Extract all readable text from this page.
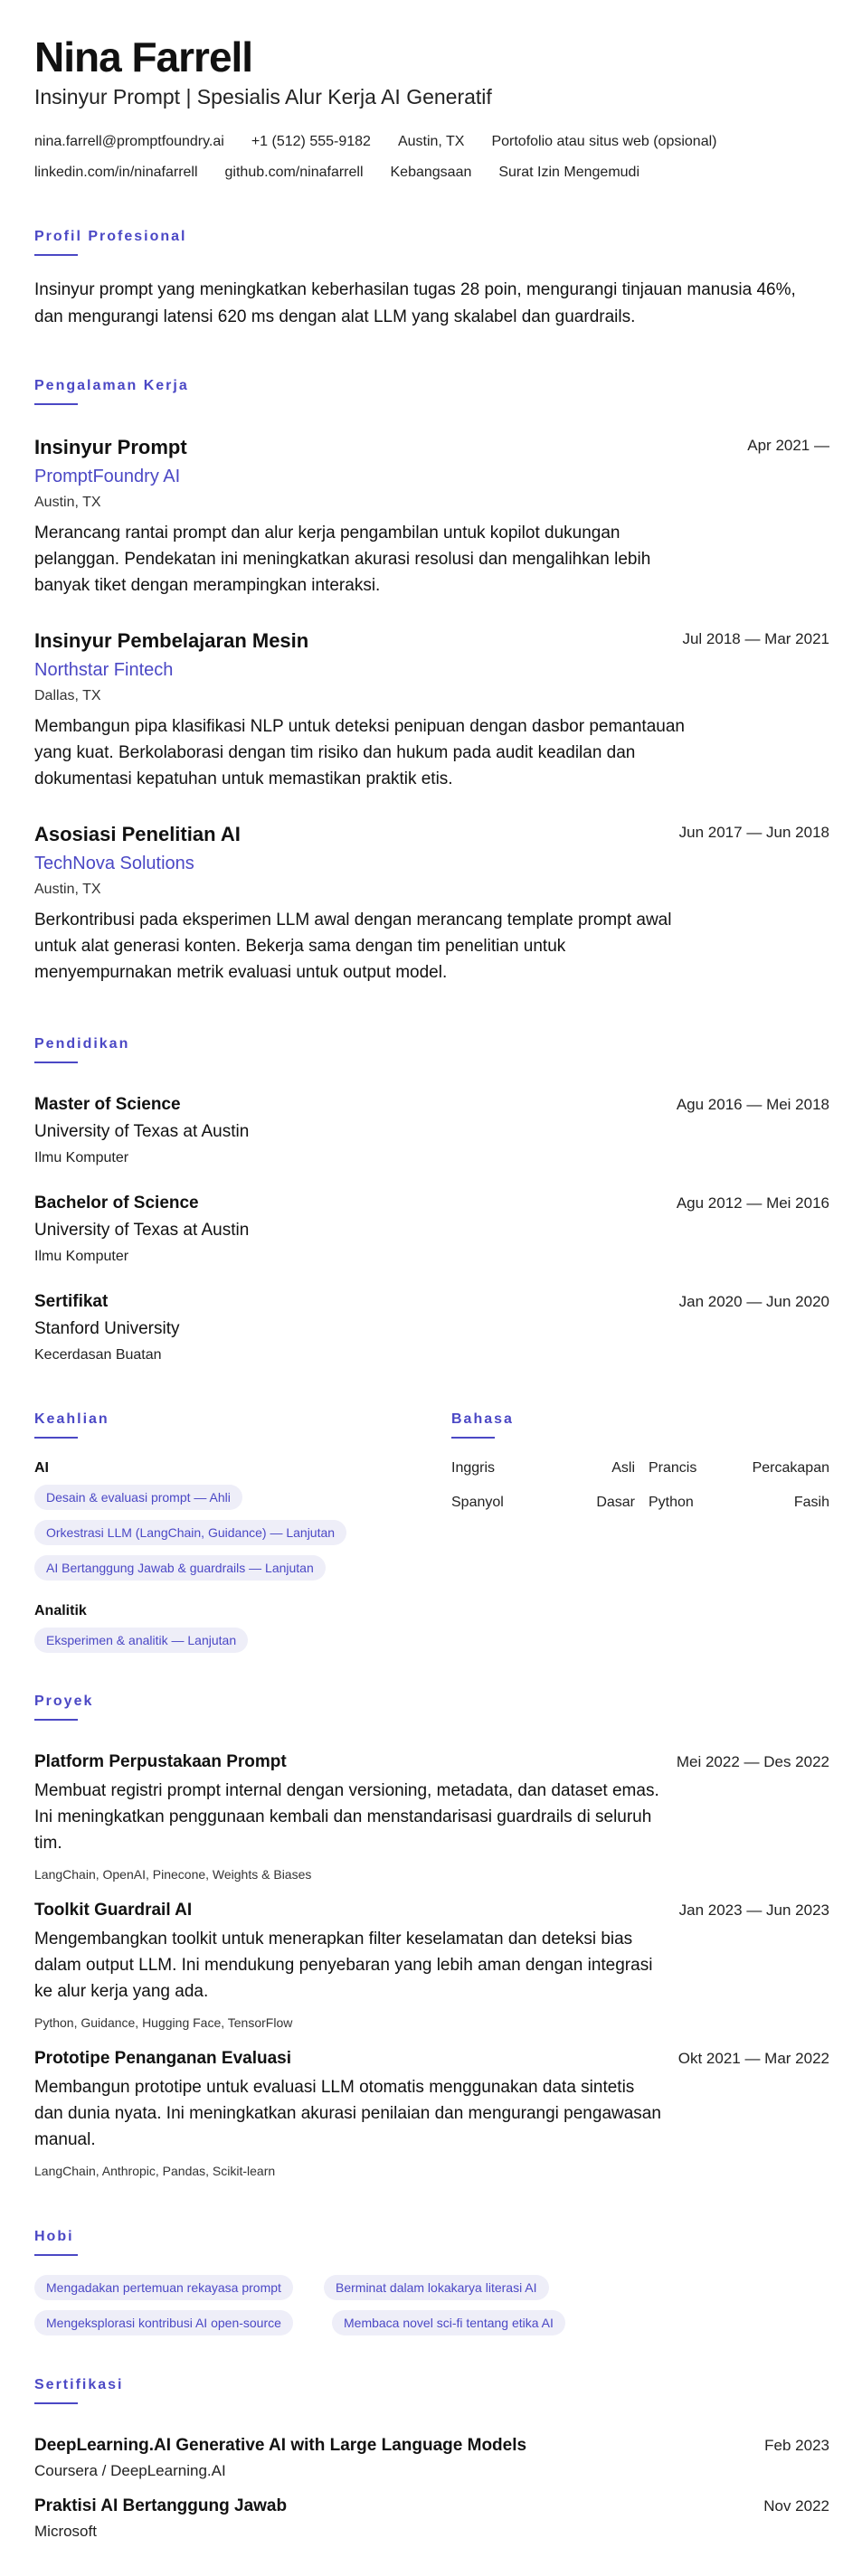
Nina Farrell
Insinyur Prompt | Spesialis Alur Kerja AI Generatif
nina.farrell@promptfoundry.ai +1 (512) 555-9182 Austin, TX Portofolio atau situs web (opsional)
linkedin.com/in/ninafarrell github.com/ninafarrell Kebangsaan Surat Izin Mengemudi
Profil Profesional
Insinyur prompt yang meningkatkan keberhasilan tugas 28 poin, mengurangi tinjauan manusia 46%, dan mengurangi latensi 620 ms dengan alat LLM yang skalabel dan guardrails.
Pengalaman Kerja
Insinyur Prompt	Apr 2021 —
PromptFoundry AI
Austin, TX
Merancang rantai prompt dan alur kerja pengambilan untuk kopilot dukungan pelanggan. Pendekatan ini meningkatkan akurasi resolusi dan mengalihkan lebih banyak tiket dengan merampingkan interaksi.
Insinyur Pembelajaran Mesin	Jul 2018 — Mar 2021
Northstar Fintech
Dallas, TX
Membangun pipa klasifikasi NLP untuk deteksi penipuan dengan dasbor pemantauan yang kuat. Berkolaborasi dengan tim risiko dan hukum pada audit keadilan dan dokumentasi kepatuhan untuk memastikan praktik etis.
Asosiasi Penelitian AI	Jun 2017 — Jun 2018
TechNova Solutions
Austin, TX
Berkontribusi pada eksperimen LLM awal dengan merancang template prompt awal untuk alat generasi konten. Bekerja sama dengan tim penelitian untuk menyempurnakan metrik evaluasi untuk output model.
Pendidikan
Master of Science	Agu 2016 — Mei 2018
University of Texas at Austin
Ilmu Komputer
Bachelor of Science	Agu 2012 — Mei 2016
University of Texas at Austin
Ilmu Komputer
Sertifikat	Jan 2020 — Jun 2020
Stanford University
Kecerdasan Buatan
Keahlian
AI
Desain & evaluasi prompt — Ahli
Orkestrasi LLM (LangChain, Guidance) — Lanjutan
AI Bertanggung Jawab & guardrails — Lanjutan
Analitik
Eksperimen & analitik — Lanjutan
Bahasa
Inggris	Asli Prancis	Percakapan
Spanyol	Dasar Python	Fasih
Proyek
Platform Perpustakaan Prompt	Mei 2022 — Des 2022
Membuat registri prompt internal dengan versioning, metadata, dan dataset emas. Ini meningkatkan penggunaan kembali dan menstandarisasi guardrails di seluruh tim.
LangChain, OpenAI, Pinecone, Weights & Biases
Toolkit Guardrail AI	Jan 2023 — Jun 2023
Mengembangkan toolkit untuk menerapkan filter keselamatan dan deteksi bias dalam output LLM. Ini mendukung penyebaran yang lebih aman dengan integrasi ke alur kerja yang ada.
Python, Guidance, Hugging Face, TensorFlow
Prototipe Penanganan Evaluasi	Okt 2021 — Mar 2022
Membangun prototipe untuk evaluasi LLM otomatis menggunakan data sintetis dan dunia nyata. Ini meningkatkan akurasi penilaian dan mengurangi pengawasan manual.
LangChain, Anthropic, Pandas, Scikit-learn
Hobi
Mengadakan pertemuan rekayasa prompt	Berminat dalam lokakarya literasi AI
Mengeksplorasi kontribusi AI open-source	Membaca novel sci-fi tentang etika AI
Sertifikasi
DeepLearning.AI Generative AI with Large Language Models	Feb 2023
Coursera / DeepLearning.AI
Praktisi AI Bertanggung Jawab	Nov 2022
Microsoft
